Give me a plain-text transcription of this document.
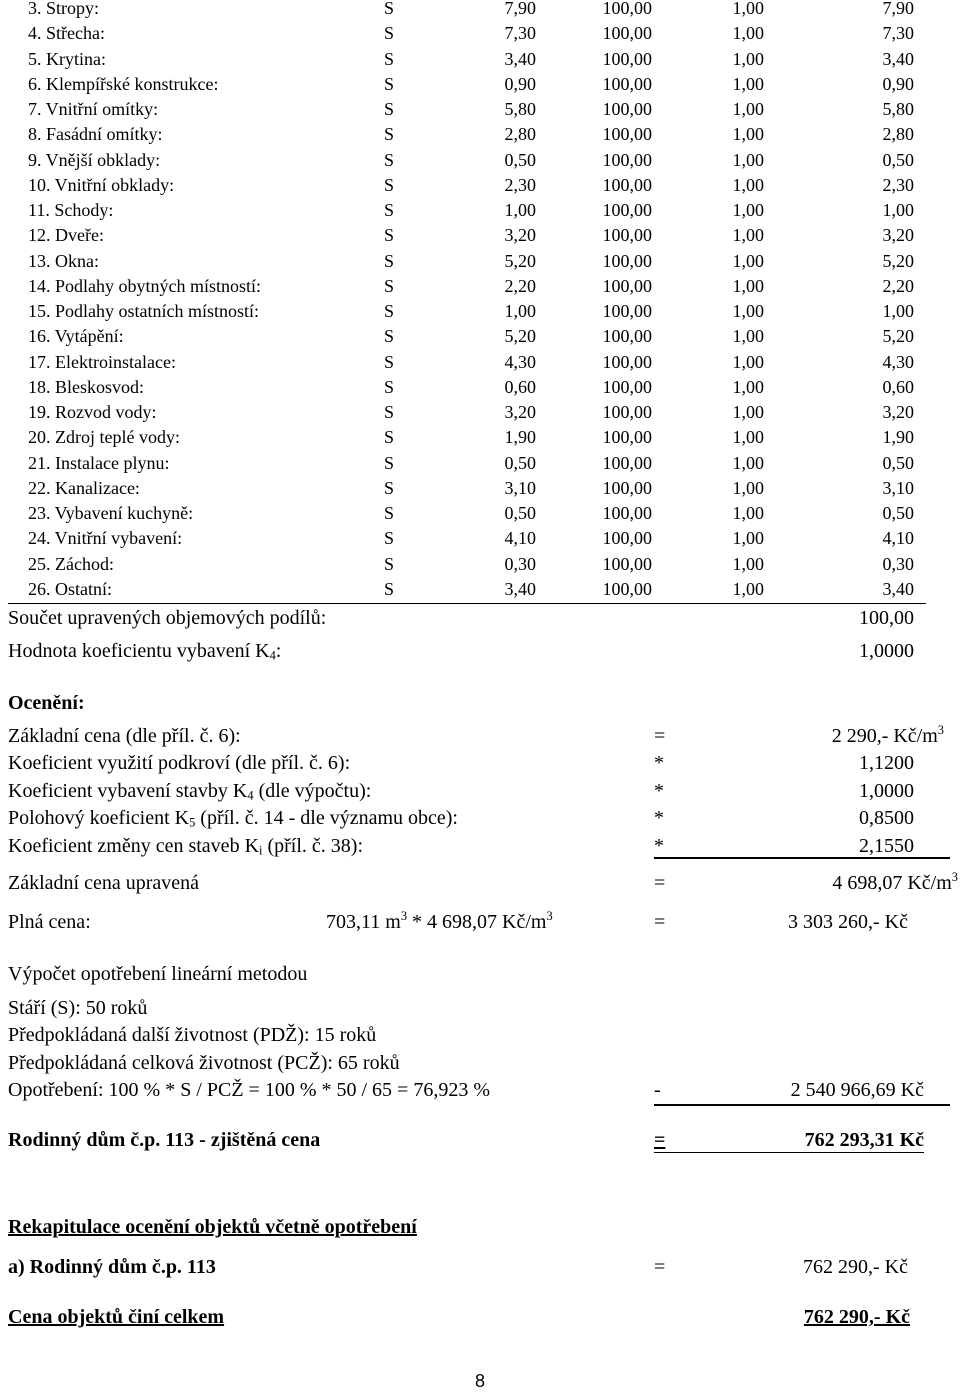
3. Stropy:	S	7,90	100,00	1,00	7,90
4. Střecha:	S	7,30	100,00	1,00	7,30
5. Krytina:	S	3,40	100,00	1,00	3,40
6. Klempířské konstrukce:	S	0,90	100,00	1,00	0,90
7. Vnitřní omítky:	S	5,80	100,00	1,00	5,80
8. Fasádní omítky:	S	2,80	100,00	1,00	2,80
9. Vnější obklady:	S	0,50	100,00	1,00	0,50
10. Vnitřní obklady:	S	2,30	100,00	1,00	2,30
11. Schody:	S	1,00	100,00	1,00	1,00
12. Dveře:	S	3,20	100,00	1,00	3,20
13. Okna:	S	5,20	100,00	1,00	5,20
14. Podlahy obytných místností:	S	2,20	100,00	1,00	2,20
15. Podlahy ostatních místností:	S	1,00	100,00	1,00	1,00
16. Vytápění:	S	5,20	100,00	1,00	5,20
17. Elektroinstalace:	S	4,30	100,00	1,00	4,30
18. Bleskosvod:	S	0,60	100,00	1,00	0,60
19. Rozvod vody:	S	3,20	100,00	1,00	3,20
20. Zdroj teplé vody:	S	1,90	100,00	1,00	1,90
21. Instalace plynu:	S	0,50	100,00	1,00	0,50
22. Kanalizace:	S	3,10	100,00	1,00	3,10
23. Vybavení kuchyně:	S	0,50	100,00	1,00	0,50
24. Vnitřní vybavení:	S	4,10	100,00	1,00	4,10
25. Záchod:	S	0,30	100,00	1,00	0,30
26. Ostatní:	S	3,40	100,00	1,00	3,40
Součet upravených objemových podílů:	100,00
Hodnota koeficientu vybavení $K_4$:	1,0000
Ocenění:
Základní cena (dle příl. č. 6):	=	2 290,- $Kč/m^3$
Koeficient využití podkroví (dle příl. č. 6):	*	1,1200
Koeficient vybavení stavby $K_4$ (dle výpočtu):	*	1,0000
Polohový koeficient $K_5$ (příl. č. 14 - dle významu obce):	*	0,8500
Koeficient změny cen staveb $K_i$ (příl. č. 38):	*	2,1550
Základní cena upravená	=	4 698,07 $Kč/m^3$
Plná cena:	703,11 $m^3 * 4$ 698,07 $Kč/m^3$	=	3 303 260,- Kč
Výpočet opotřebení lineární metodou
Stáří (S): 50 roků
Předpokládaná další životnost (PDŽ): 15 roků
Předpokládaná celková životnost (PCŽ): 65 roků
Opotřebení: 100 % * S / PCŽ = 100 % * 50 / 65 = 76,923 %	-	2 540 966,69 Kč
Rodinný dům č.p. 113 - zjištěná cena	=	762 293,31 Kč
Rekapitulace ocenění objektů včetně opotřebení
a) Rodinný dům č.p. 113	=	762 290,- Kč
Cena objektů činí celkem	762 290,- Kč
8
